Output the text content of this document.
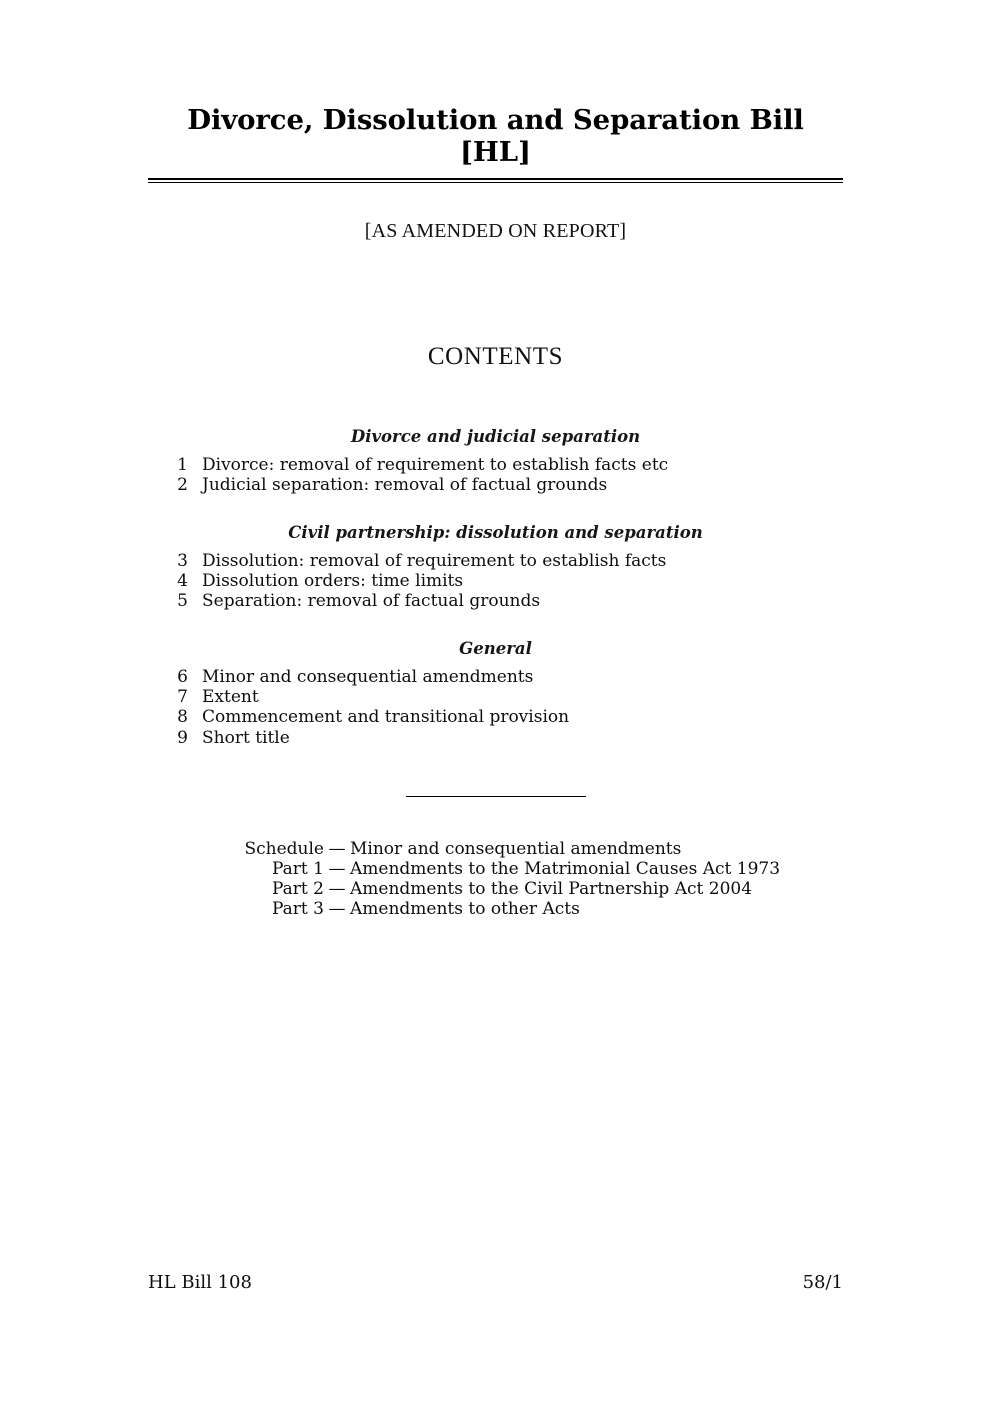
Divorce, Dissolution and Separation Bill [HL]

[AS AMENDED ON REPORT]

CONTENTS
Divorce and judicial separation
1 Divorce: removal of requirement to establish facts etc
2 Judicial separation: removal of factual grounds
Civil partnership: dissolution and separation
3 Dissolution: removal of requirement to establish facts
4 Dissolution orders: time limits
5 Separation: removal of factual grounds
General
6 Minor and consequential amendments
7 Extent
8 Commencement and transitional provision
9 Short title
Schedule — Minor and consequential amendments
Part 1 — Amendments to the Matrimonial Causes Act 1973
Part 2 — Amendments to the Civil Partnership Act 2004
Part 3 — Amendments to other Acts
HL Bill 108	58/1
